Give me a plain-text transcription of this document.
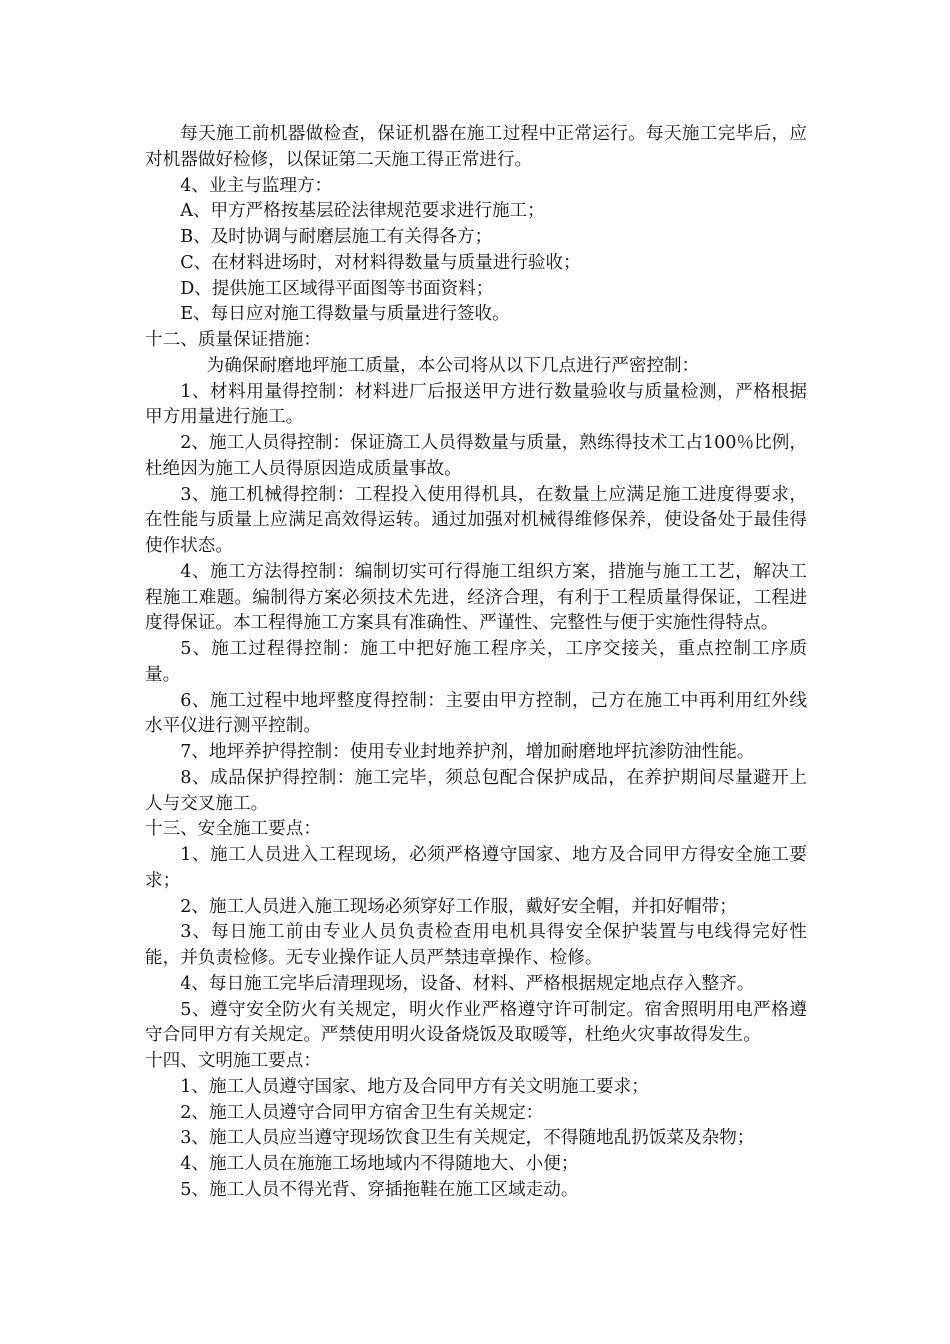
每天施工前机器做检查，保证机器在施工过程中正常运行。每天施工完毕后，应对机器做好检修，以保证第二天施工得正常进行。

4、业主与监理方：

A、甲方严格按基层砼法律规范要求进行施工；

B、及时协调与耐磨层施工有关得各方；

C、在材料进场时，对材料得数量与质量进行验收；

D、提供施工区域得平面图等书面资料；

E、每日应对施工得数量与质量进行签收。

十二、质量保证措施：

为确保耐磨地坪施工质量，本公司将从以下几点进行严密控制：

1、材料用量得控制：材料进厂后报送甲方进行数量验收与质量检测，严格根据甲方用量进行施工。

2、施工人员得控制：保证旖工人员得数量与质量，熟练得技术工占100％比例，杜绝因为施工人员得原因造成质量事故。

3、施工机械得控制：工程投入使用得机具，在数量上应满足施工进度得要求，在性能与质量上应满足高效得运转。通过加强对机械得维修保养，使设备处于最佳得使作状态。

4、施工方法得控制：编制切实可行得施工组织方案，措施与施工工艺，解决工程施工难题。编制得方案必须技术先进，经济合理，有利于工程质量得保证，工程进度得保证。本工程得施工方案具有准确性、严谨性、完整性与便于实施性得特点。

5、施工过程得控制：施工中把好施工程序关，工序交接关，重点控制工序质量。

6、施工过程中地坪整度得控制：主要由甲方控制，己方在施工中再利用红外线水平仪进行测平控制。

7、地坪养护得控制：使用专业封地养护剂，增加耐磨地坪抗渗防油性能。

8、成品保护得控制：施工完毕，须总包配合保护成品，在养护期间尽量避开上人与交叉施工。

十三、安全施工要点：

1、施工人员进入工程现场，必须严格遵守国家、地方及合同甲方得安全施工要求；

2、施工人员进入施工现场必须穿好工作服，戴好安全帽，并扣好帽带；

3、每日施工前由专业人员负责检查用电机具得安全保护装置与电线得完好性能，并负责检修。无专业操作证人员严禁违章操作、检修。

4、每日施工完毕后清理现场，设备、材料、严格根据规定地点存入整齐。

5、遵守安全防火有关规定，明火作业严格遵守许可制定。宿舍照明用电严格遵守合同甲方有关规定。严禁使用明火设备烧饭及取暖等，杜绝火灾事故得发生。

十四、文明施工要点：

1、施工人员遵守国家、地方及合同甲方有关文明施工要求；

2、施工人员遵守合同甲方宿舍卫生有关规定：

3、施工人员应当遵守现场饮食卫生有关规定，不得随地乱扔饭菜及杂物；

4、施工人员在施施工场地域内不得随地大、小便；

5、施工人员不得光背、穿插拖鞋在施工区域走动。
